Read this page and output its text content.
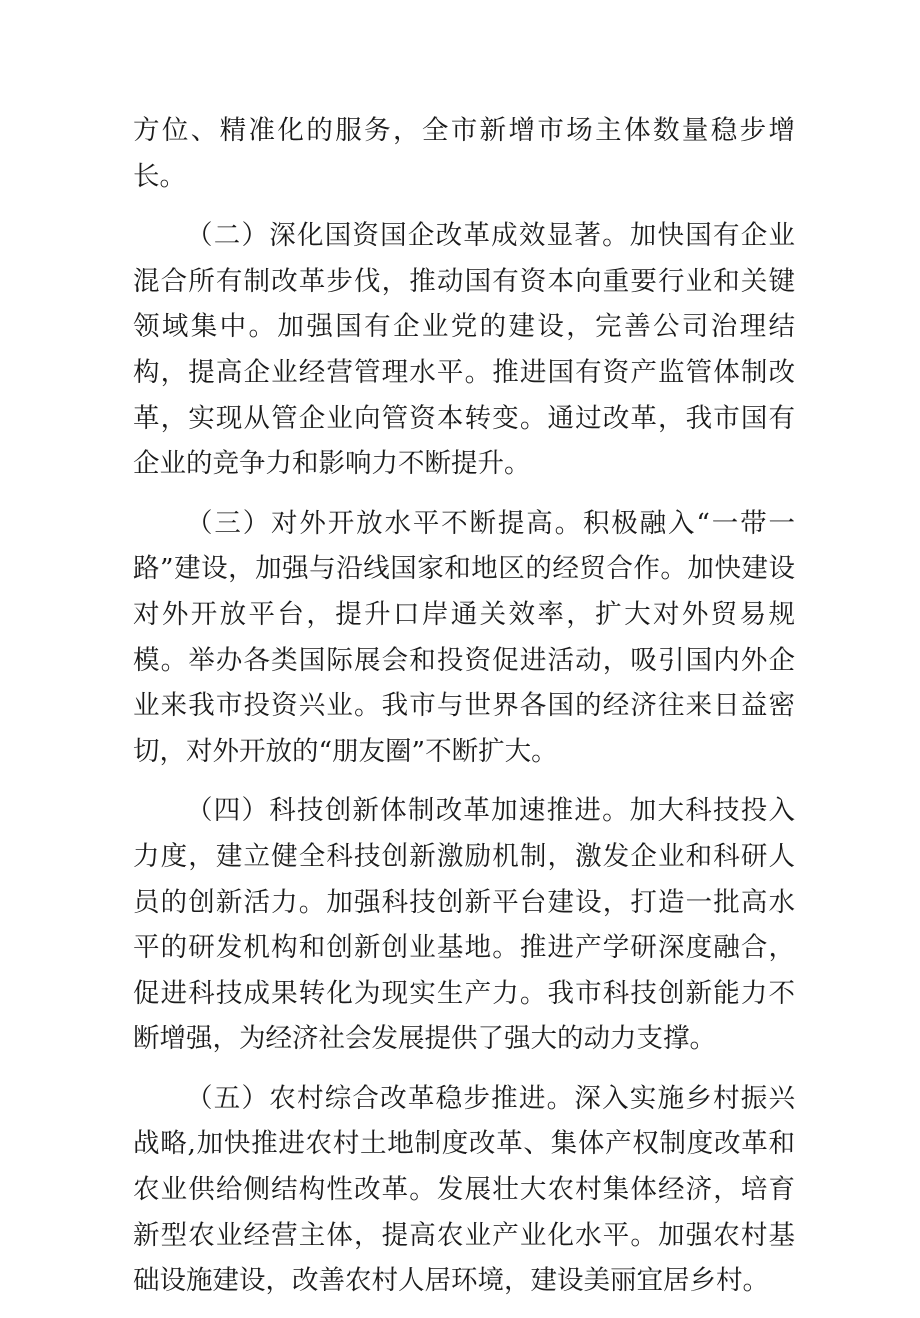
方位、精准化的服务，全市新增市场主体数量稳步增长。

（二）深化国资国企改革成效显著。加快国有企业混合所有制改革步伐，推动国有资本向重要行业和关键领域集中。加强国有企业党的建设，完善公司治理结构，提高企业经营管理水平。推进国有资产监管体制改革，实现从管企业向管资本转变。通过改革，我市国有企业的竞争力和影响力不断提升。

（三）对外开放水平不断提高。积极融入“一带一路”建设，加强与沿线国家和地区的经贸合作。加快建设对外开放平台，提升口岸通关效率，扩大对外贸易规模。举办各类国际展会和投资促进活动，吸引国内外企业来我市投资兴业。我市与世界各国的经济往来日益密切，对外开放的“朋友圈”不断扩大。

（四）科技创新体制改革加速推进。加大科技投入力度，建立健全科技创新激励机制，激发企业和科研人员的创新活力。加强科技创新平台建设，打造一批高水平的研发机构和创新创业基地。推进产学研深度融合，促进科技成果转化为现实生产力。我市科技创新能力不断增强，为经济社会发展提供了强大的动力支撑。

（五）农村综合改革稳步推进。深入实施乡村振兴战略,加快推进农村土地制度改革、集体产权制度改革和农业供给侧结构性改革。发展壮大农村集体经济，培育新型农业经营主体，提高农业产业化水平。加强农村基础设施建设，改善农村人居环境，建设美丽宜居乡村。
